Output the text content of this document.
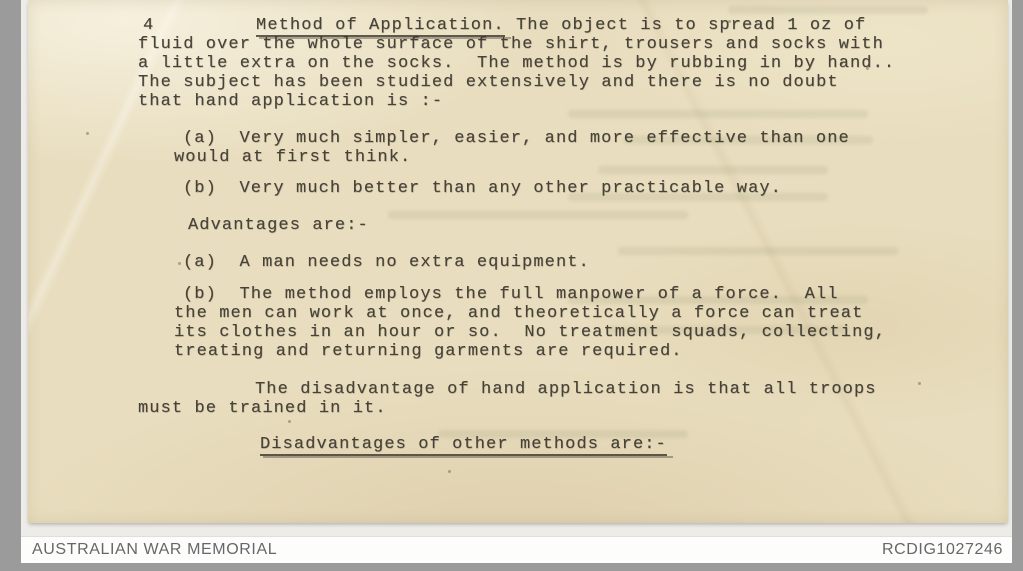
4         Method of Application. The object is to spread 1 oz of
fluid over the whole surface of the shirt, trousers and socks with
a little extra on the socks.  The method is by rubbing in by hand..
The subject has been studied extensively and there is no doubt
that hand application is :-
(a)  Very much simpler, easier, and more effective than one
would at first think.
(b)  Very much better than any other practicable way.
Advantages are:-
(a)  A man needs no extra equipment.
(b)  The method employs the full manpower of a force.  All
the men can work at once, and theoretically a force can treat
its clothes in an hour or so.  No treatment squads, collecting,
treating and returning garments are required.
The disadvantage of hand application is that all troops
must be trained in it.
Disadvantages of other methods are:-
AUSTRALIAN WAR MEMORIAL	RCDIG1027246
